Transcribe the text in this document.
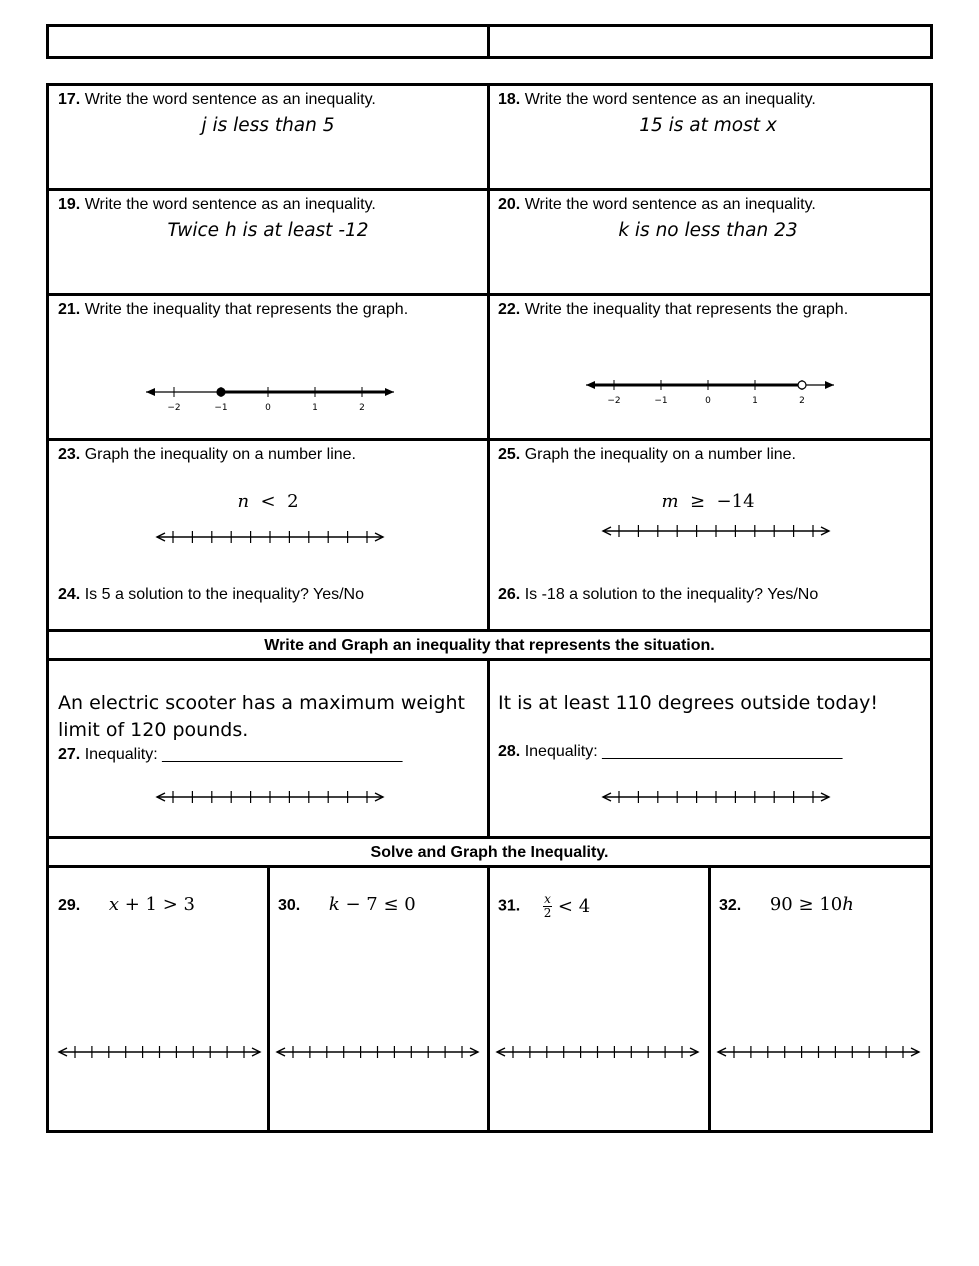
17. Write the word sentence as an inequality.
j is less than 5
18. Write the word sentence as an inequality.
15 is at most x
19. Write the word sentence as an inequality.
Twice h is at least -12
20. Write the word sentence as an inequality.
k is no less than 23
21. Write the inequality that represents the graph.
−2	−1	0	1	2
22. Write the inequality that represents the graph.
−2	−1	0	1	2
23. Graph the inequality on a number line.
n < 2
25. Graph the inequality on a number line.
m ≥ −14
24. Is 5 a solution to the inequality? Yes/No	26. Is -18 a solution to the inequality? Yes/No
Write and Graph an inequality that represents the situation.
An electric scooter has a maximum weight limit of 120 pounds.
27. Inequality: ___________________________
It is at least 110 degrees outside today!
28. Inequality: ___________________________
Solve and Graph the Inequality.
29. x + 1 > 3	30. k − 7 ≤ 0	31. $\frac{x}{2} < 4$	32. 90 ≥ 10h
